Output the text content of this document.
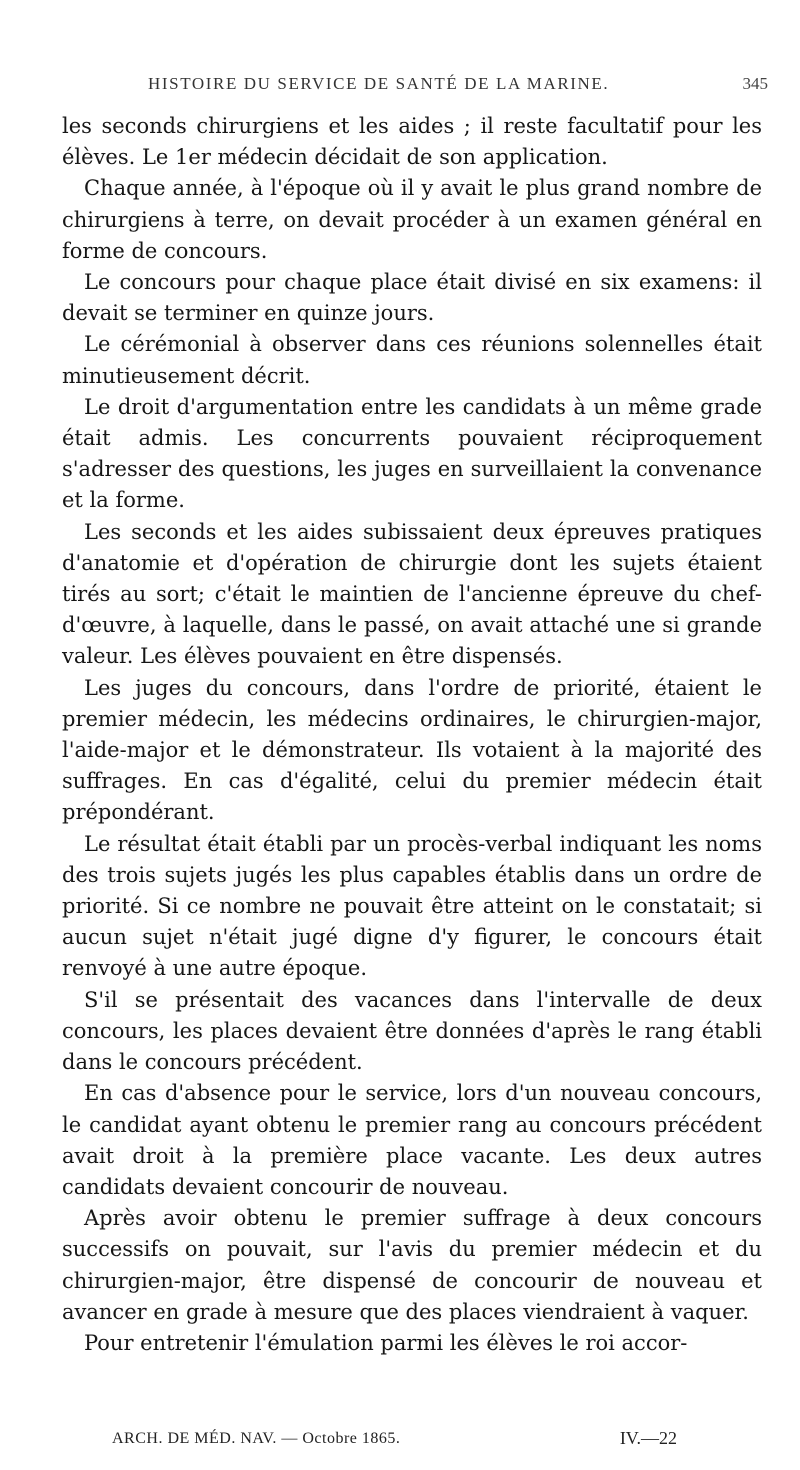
HISTOIRE DU SERVICE DE SANTÉ DE LA MARINE.	345

les seconds chirurgiens et les aides ; il reste facultatif pour les élèves. Le 1er médecin décidait de son application.

Chaque année, à l'époque où il y avait le plus grand nombre de chirurgiens à terre, on devait procéder à un examen général en forme de concours.

Le concours pour chaque place était divisé en six examens: il devait se terminer en quinze jours.

Le cérémonial à observer dans ces réunions solennelles était minutieusement décrit.

Le droit d'argumentation entre les candidats à un même grade était admis. Les concurrents pouvaient réciproquement s'adresser des questions, les juges en surveillaient la convenance et la forme.

Les seconds et les aides subissaient deux épreuves pratiques d'anatomie et d'opération de chirurgie dont les sujets étaient tirés au sort; c'était le maintien de l'ancienne épreuve du chef-d'œuvre, à laquelle, dans le passé, on avait attaché une si grande valeur. Les élèves pouvaient en être dispensés.

Les juges du concours, dans l'ordre de priorité, étaient le premier médecin, les médecins ordinaires, le chirurgien-major, l'aide-major et le démonstrateur. Ils votaient à la majorité des suffrages. En cas d'égalité, celui du premier médecin était prépondérant.

Le résultat était établi par un procès-verbal indiquant les noms des trois sujets jugés les plus capables établis dans un ordre de priorité. Si ce nombre ne pouvait être atteint on le constatait; si aucun sujet n'était jugé digne d'y figurer, le concours était renvoyé à une autre époque.

S'il se présentait des vacances dans l'intervalle de deux concours, les places devaient être données d'après le rang établi dans le concours précédent.

En cas d'absence pour le service, lors d'un nouveau concours, le candidat ayant obtenu le premier rang au concours précédent avait droit à la première place vacante. Les deux autres candidats devaient concourir de nouveau.

Après avoir obtenu le premier suffrage à deux concours successifs on pouvait, sur l'avis du premier médecin et du chirurgien-major, être dispensé de concourir de nouveau et avancer en grade à mesure que des places viendraient à vaquer.

Pour entretenir l'émulation parmi les élèves le roi accor-

ARCH. DE MÉD. NAV. — Octobre 1865.	IV.—22
